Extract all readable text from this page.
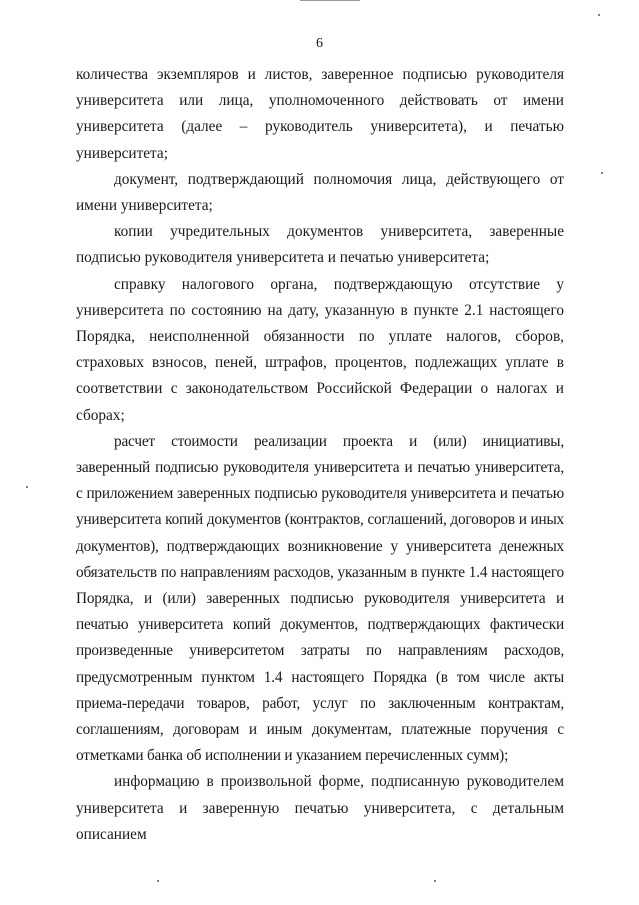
6

количества экземпляров и листов, заверенное подписью руководителя университета или лица, уполномоченного действовать от имени университета (далее – руководитель университета), и печатью университета;

документ, подтверждающий полномочия лица, действующего от имени университета;

копии учредительных документов университета, заверенные подписью руководителя университета и печатью университета;

справку налогового органа, подтверждающую отсутствие у университета по состоянию на дату, указанную в пункте 2.1 настоящего Порядка, неисполненной обязанности по уплате налогов, сборов, страховых взносов, пеней, штрафов, процентов, подлежащих уплате в соответствии с законодательством Российской Федерации о налогах и сборах;

расчет стоимости реализации проекта и (или) инициативы, заверенный подписью руководителя университета и печатью университета, с приложением заверенных подписью руководителя университета и печатью университета копий документов (контрактов, соглашений, договоров и иных документов), подтверждающих возникновение у университета денежных обязательств по направлениям расходов, указанным в пункте 1.4 настоящего Порядка, и (или) заверенных подписью руководителя университета и печатью университета копий документов, подтверждающих фактически произведенные университетом затраты по направлениям расходов, предусмотренным пунктом 1.4 настоящего Порядка (в том числе акты приема-передачи товаров, работ, услуг по заключенным контрактам, соглашениям, договорам и иным документам, платежные поручения с отметками банка об исполнении и указанием перечисленных сумм);

информацию в произвольной форме, подписанную руководителем университета и заверенную печатью университета, с детальным описанием
